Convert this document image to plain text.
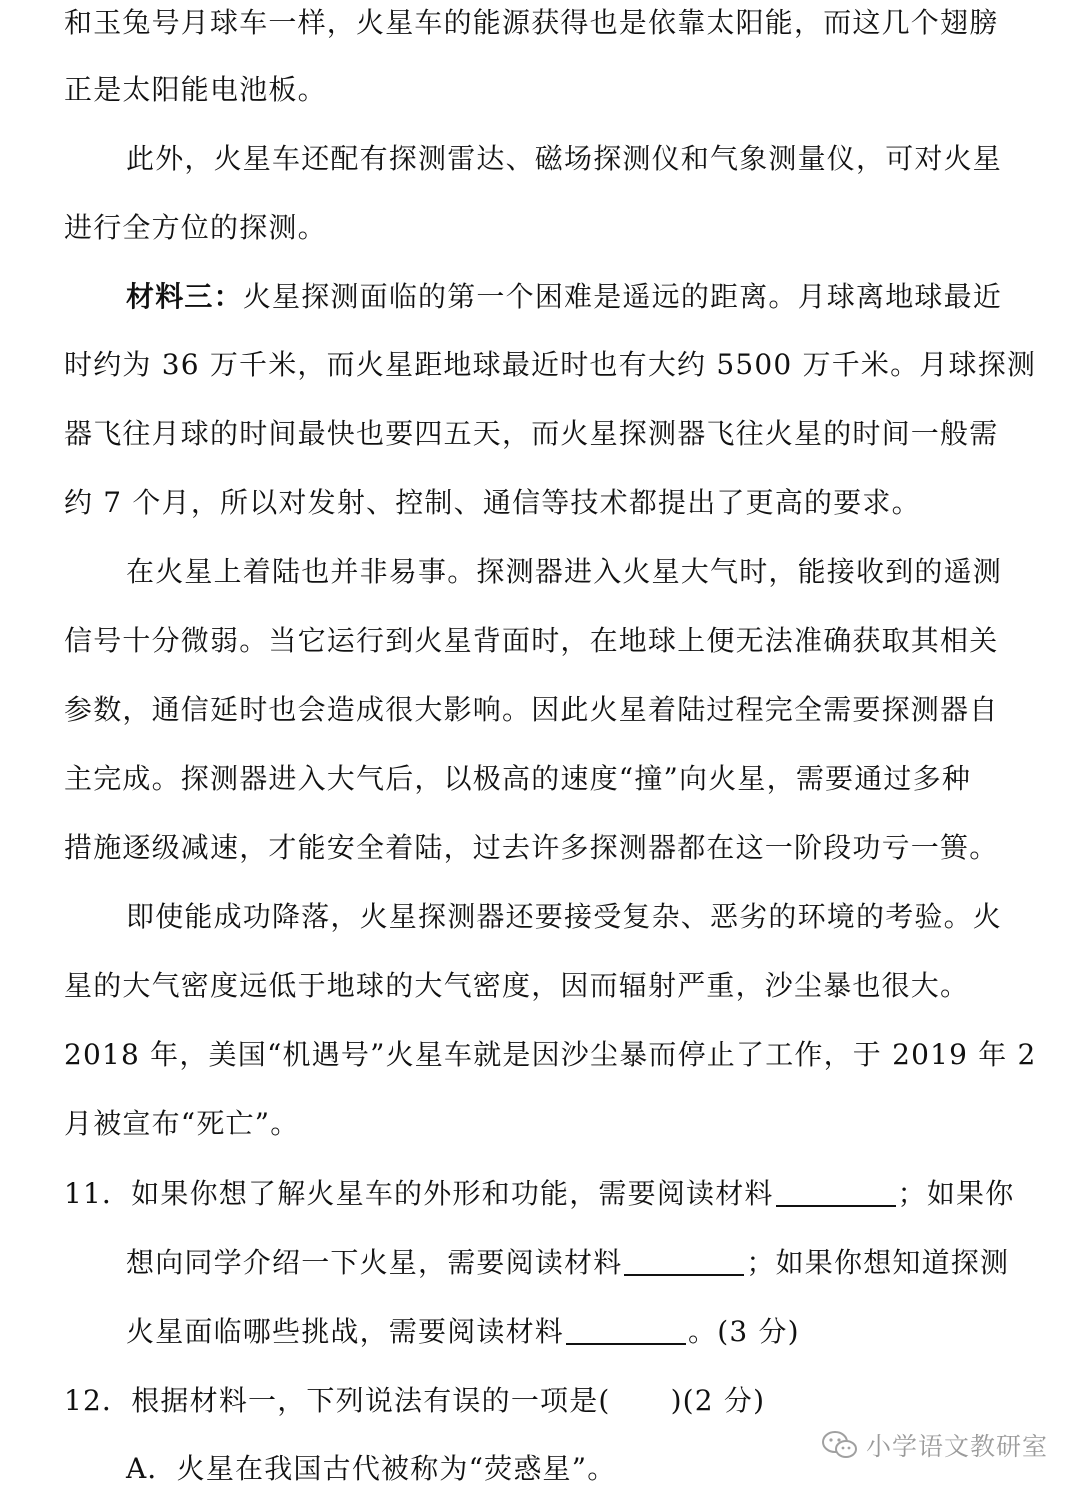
和玉兔号月球车一样，火星车的能源获得也是依靠太阳能，而这几个翅膀
正是太阳能电池板。
此外，火星车还配有探测雷达、磁场探测仪和气象测量仪，可对火星
进行全方位的探测。
材料三：火星探测面临的第一个困难是遥远的距离。月球离地球最近
时约为 36 万千米，而火星距地球最近时也有大约 5500 万千米。月球探测
器飞往月球的时间最快也要四五天，而火星探测器飞往火星的时间一般需
约 7 个月，所以对发射、控制、通信等技术都提出了更高的要求。
在火星上着陆也并非易事。探测器进入火星大气时，能接收到的遥测
信号十分微弱。当它运行到火星背面时，在地球上便无法准确获取其相关
参数，通信延时也会造成很大影响。因此火星着陆过程完全需要探测器自
主完成。探测器进入大气后，以极高的速度“撞”向火星，需要通过多种
措施逐级减速，才能安全着陆，过去许多探测器都在这一阶段功亏一篑。
即使能成功降落，火星探测器还要接受复杂、恶劣的环境的考验。火
星的大气密度远低于地球的大气密度，因而辐射严重，沙尘暴也很大。
2018 年，美国“机遇号”火星车就是因沙尘暴而停止了工作，于 2019 年 2
月被宣布“死亡”。
11．如果你想了解火星车的外形和功能，需要阅读材料	；如果你
想向同学介绍一下火星，需要阅读材料	；如果你想知道探测
火星面临哪些挑战，需要阅读材料	。(3 分)
12．根据材料一，下列说法有误的一项是( )(2 分)
A．火星在我国古代被称为“荧惑星”。
小学语文教研室
